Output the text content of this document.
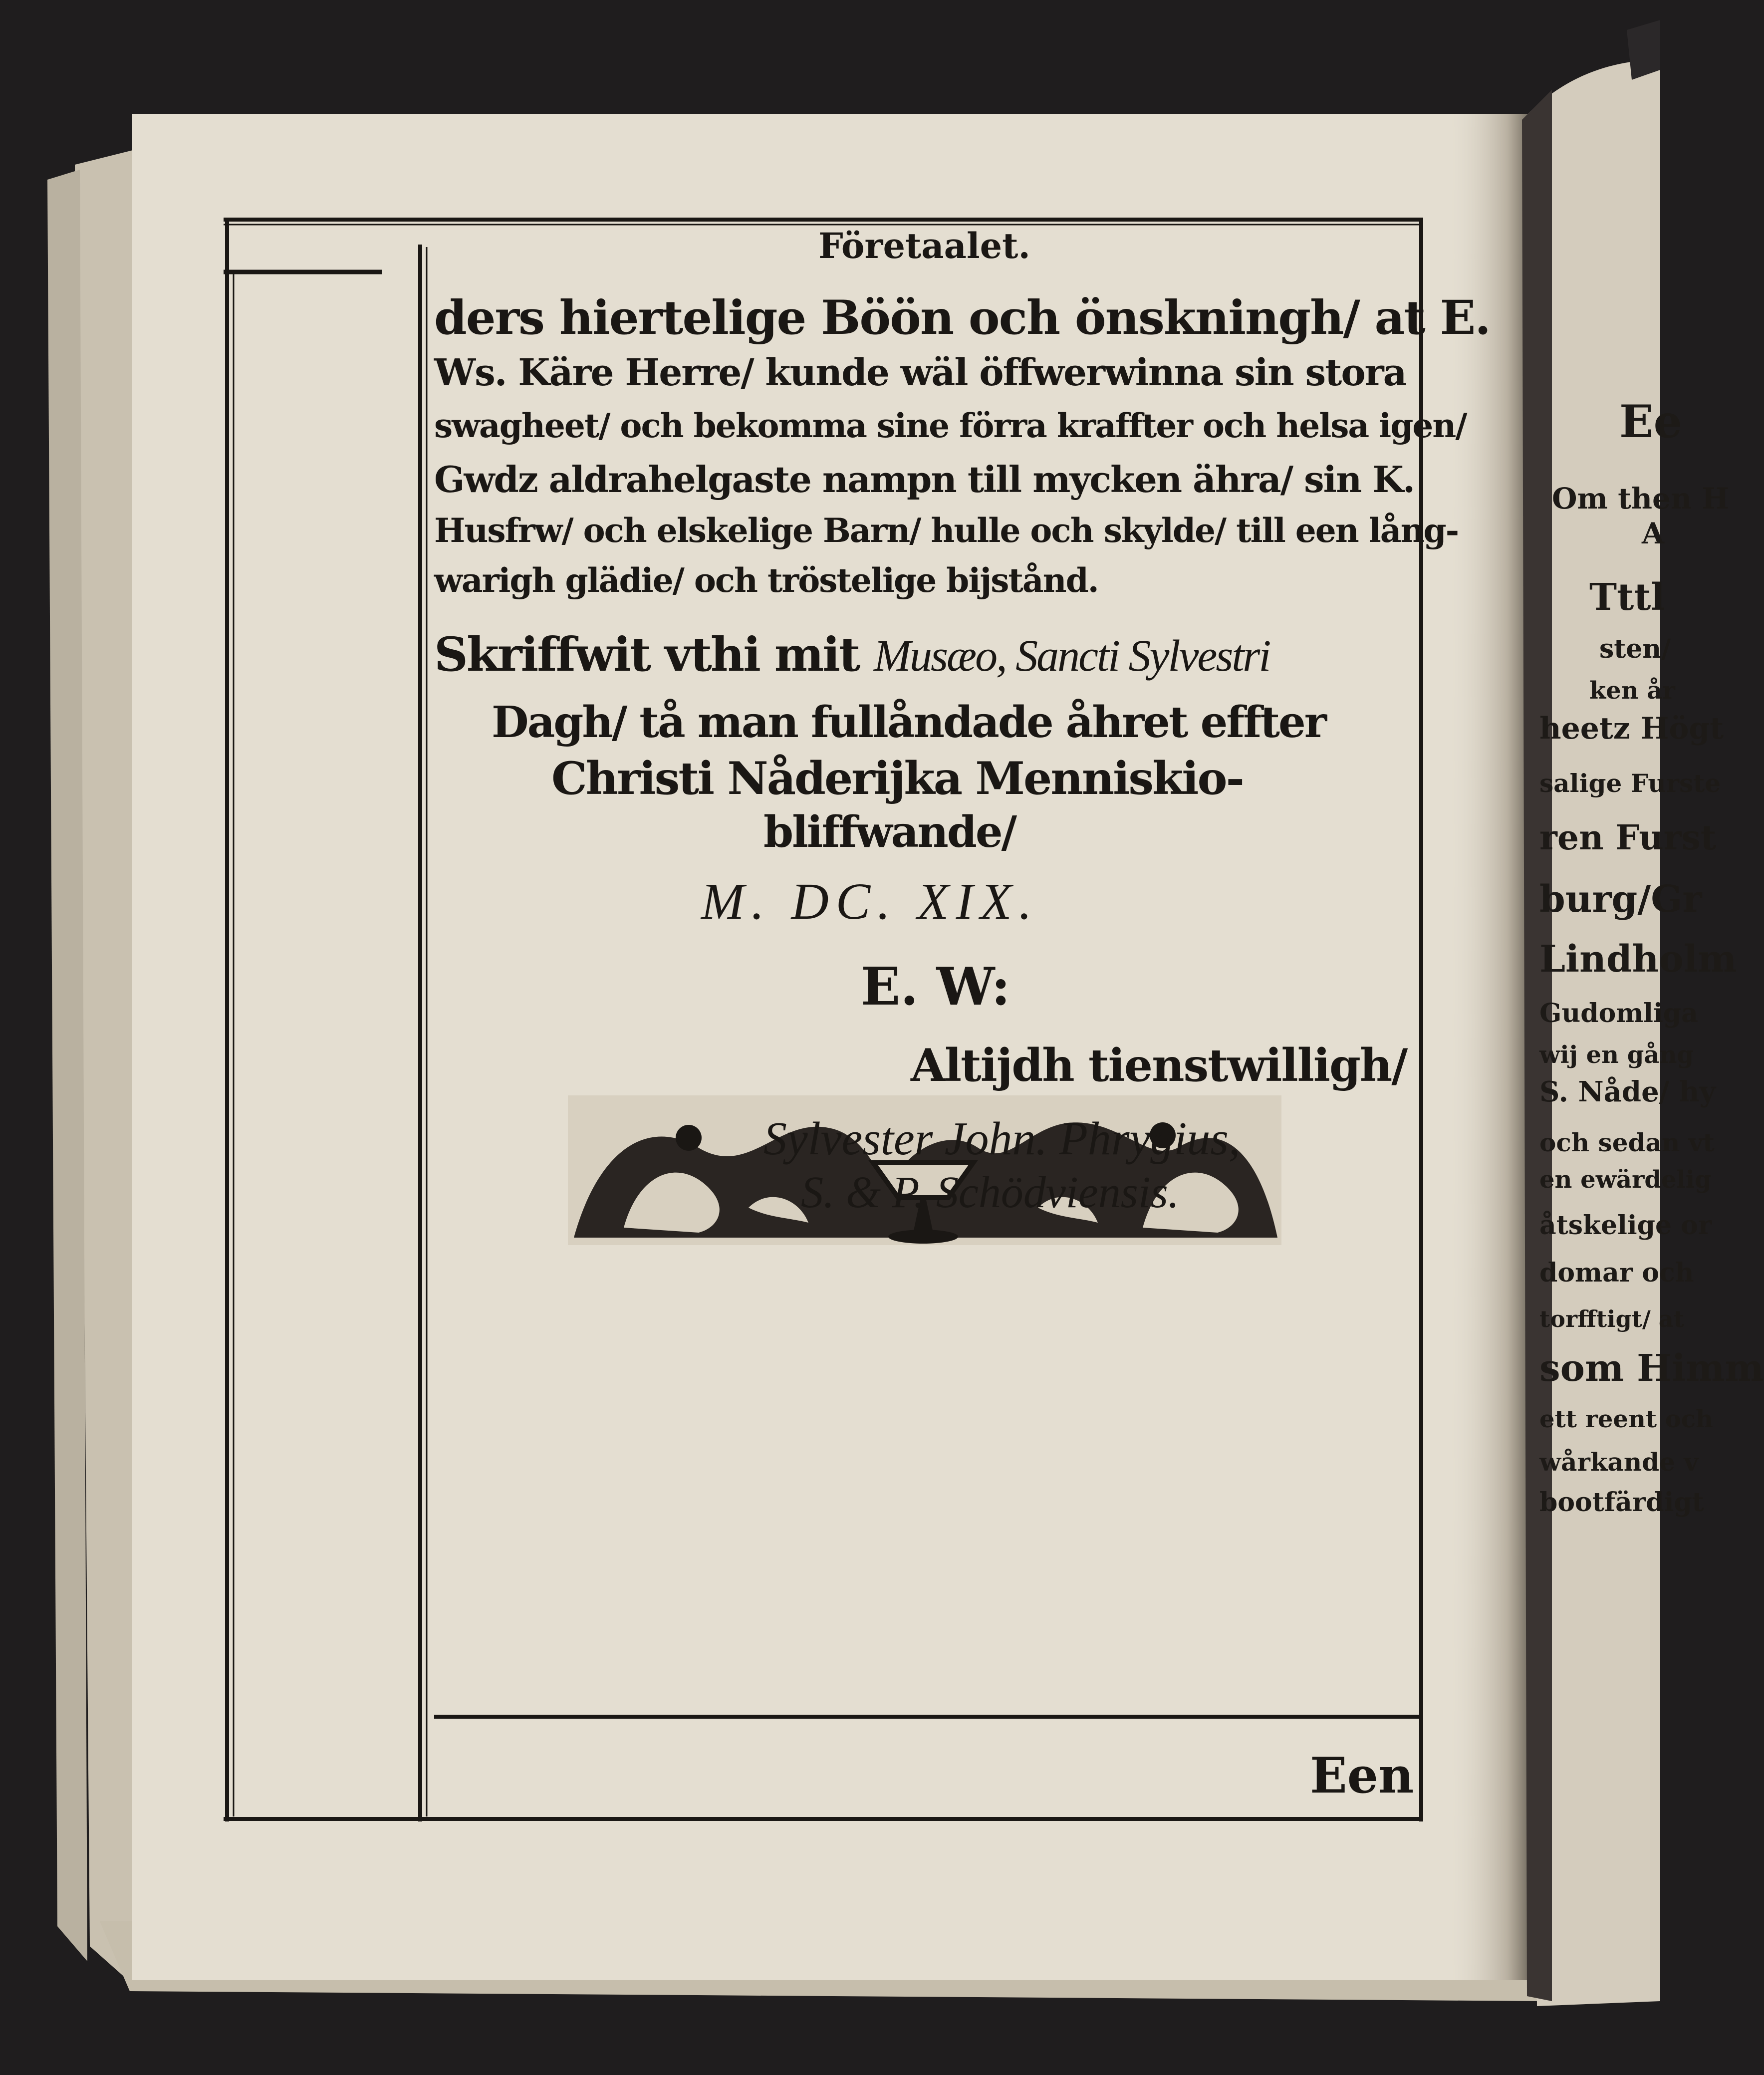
Företaalet.
ders hiertelige Böön och önskningh/ at E.
Ws. Käre Herre/ kunde wäl öffwerwinna sin stora
swagheet/ och bekomma sine förra kraffter och helsa igen/
Gwdz aldrahelgaste nampn till mycken ähra/ sin K.
Husfrw/ och elskelige Barn/ hulle och skylde/ till een lång-
warigh glädie/ och tröstelige bijstånd.
Skriffwit vthi mit Musæo, Sancti Sylvestri
Dagh/ tå man fullåndade åhret effter
Christi Nåderijka Menniskio-
bliffwande/
M. DC. XIX.
E. W:
Altijdh tienstwilligh/
Sylvester John. Phrygius,
S. & P. Schödviensis.
Een
Ee
Om then H
A
Tttl
sten/
ken år
heetz Högt
salige Furste
ren Furst
burg/Gr
Lindholm
Gudomliga
wij en gång
S. Nåde/ hy
och sedan vt
en ewärdelig
åtskelige or
domar och
torfftigt/ at
som Himm
ett reent och
wårkande v
bootfärdigt
